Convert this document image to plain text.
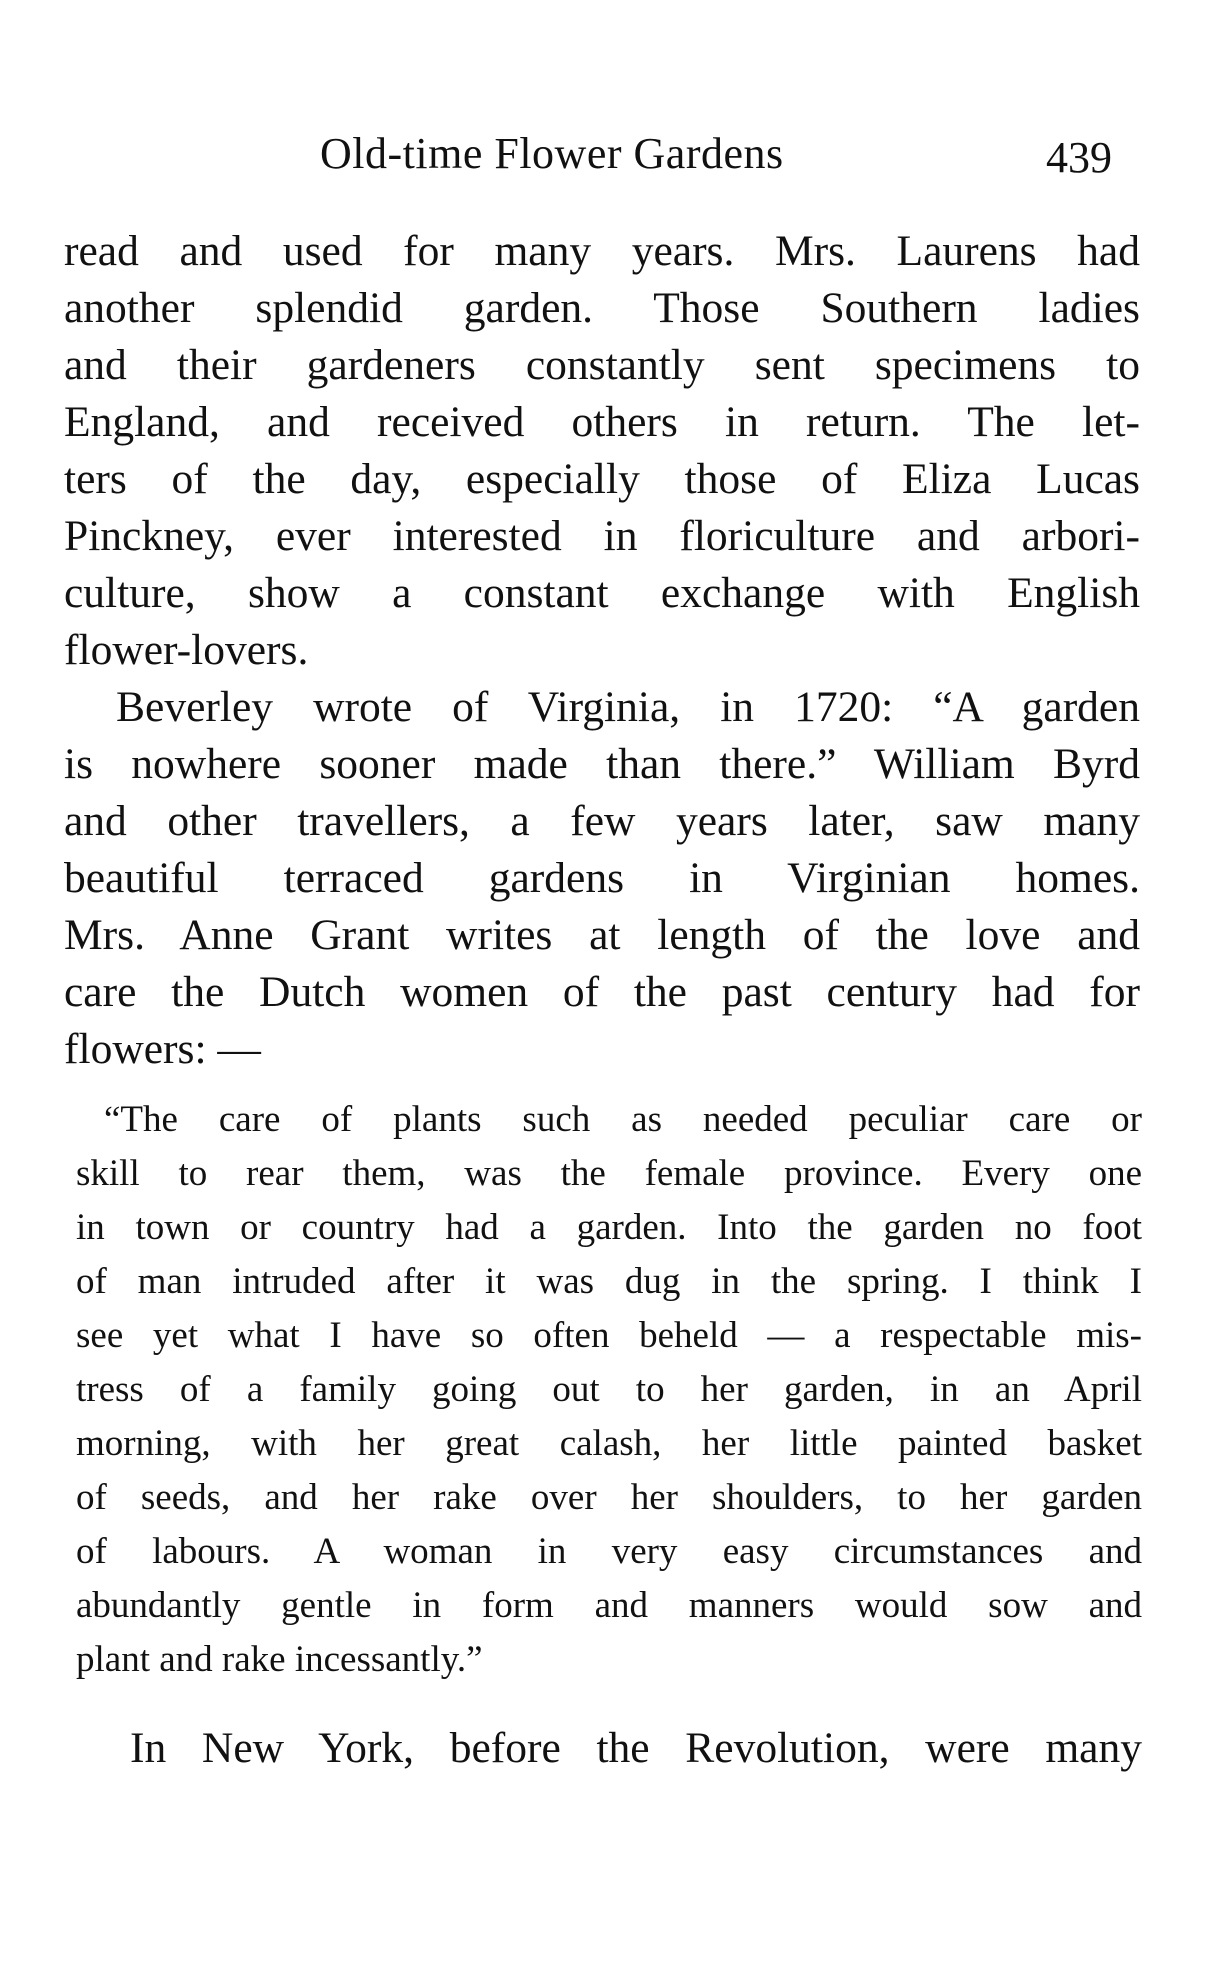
Old-time Flower Gardens	439
read and used for many years. Mrs. Laurens had
another splendid garden. Those Southern ladies
and their gardeners constantly sent specimens to
England, and received others in return. The let-
ters of the day, especially those of Eliza Lucas
Pinckney, ever interested in floriculture and arbori-
culture, show a constant exchange with English
flower-lovers.
Beverley wrote of Virginia, in 1720: “A garden
is nowhere sooner made than there.” William Byrd
and other travellers, a few years later, saw many
beautiful terraced gardens in Virginian homes.
Mrs. Anne Grant writes at length of the love and
care the Dutch women of the past century had for
flowers: —
“The care of plants such as needed peculiar care or
skill to rear them, was the female province. Every one
in town or country had a garden. Into the garden no foot
of man intruded after it was dug in the spring. I think I
see yet what I have so often beheld — a respectable mis-
tress of a family going out to her garden, in an April
morning, with her great calash, her little painted basket
of seeds, and her rake over her shoulders, to her garden
of labours. A woman in very easy circumstances and
abundantly gentle in form and manners would sow and
plant and rake incessantly.”
In New York, before the Revolution, were many
